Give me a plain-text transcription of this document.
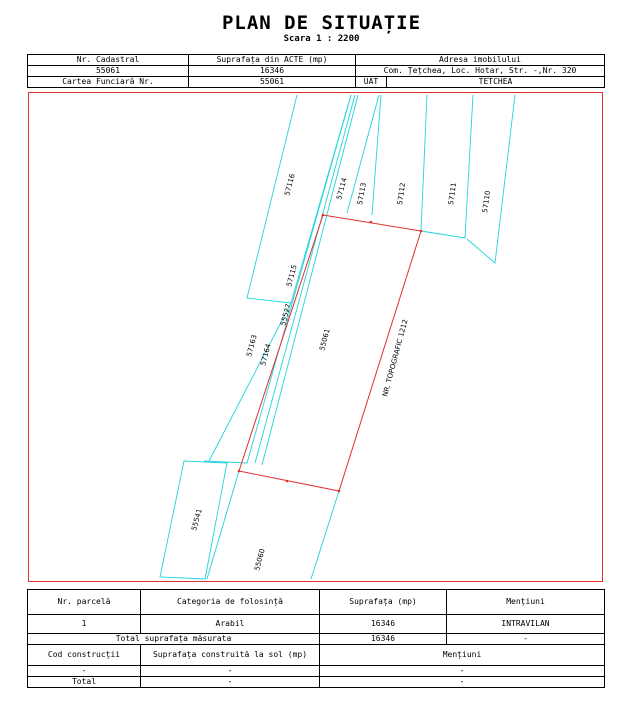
PLAN DE SITUAȚIE
Scara 1 : 2200
Nr. Cadastral	Suprafața din ACTE (mp)	Adresa imobilului	
55061	16346	Com. Țețchea, Loc. Hotar, Str. -,Nr. 320	
Cartea Funciară Nr.	55061	UAT	TETCHEA
55061	NR. TOPOGRAFIC 1212
57116	57114 57113	57112	57111	57110
57115
55527
57163 57164
55541
55060
Nr. parcelă	Categoria de folosință	Suprafața (mp)	Mențiuni
1	Arabil	16346	INTRAVILAN
Total suprafața măsurata		16346	-
Cod construcții	Suprafața construită la sol (mp)	Mențiuni	
-	-	-	
Total	-	-	
